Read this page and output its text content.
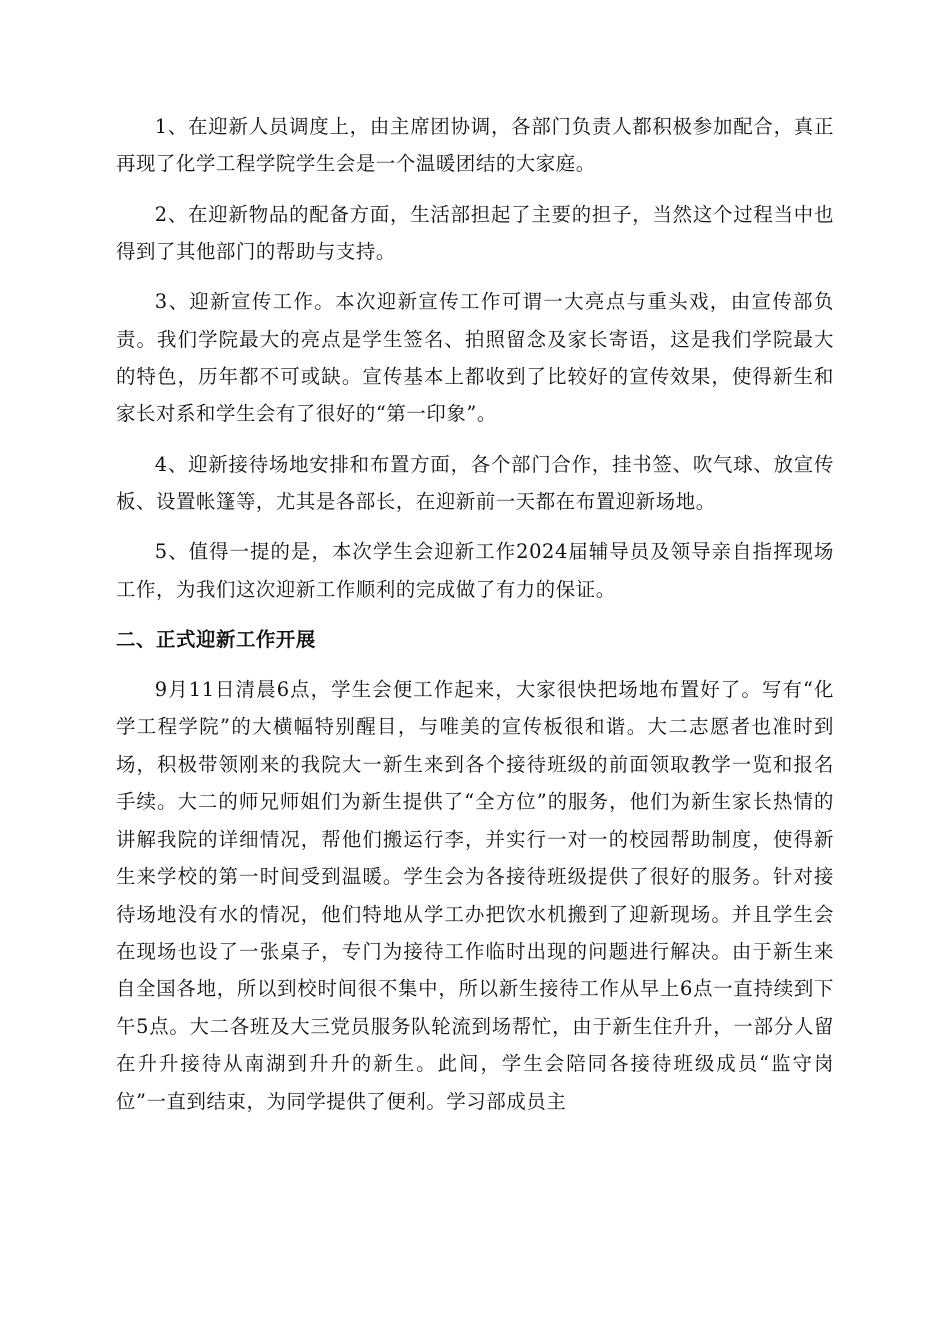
1、在迎新人员调度上，由主席团协调，各部门负责人都积极参加配合，真正再现了化学工程学院学生会是一个温暖团结的大家庭。

2、在迎新物品的配备方面，生活部担起了主要的担子，当然这个过程当中也得到了其他部门的帮助与支持。

3、迎新宣传工作。本次迎新宣传工作可谓一大亮点与重头戏，由宣传部负责。我们学院最大的亮点是学生签名、拍照留念及家长寄语，这是我们学院最大的特色，历年都不可或缺。宣传基本上都收到了比较好的宣传效果，使得新生和家长对系和学生会有了很好的“第一印象”。

4、迎新接待场地安排和布置方面，各个部门合作，挂书签、吹气球、放宣传板、设置帐篷等，尤其是各部长，在迎新前一天都在布置迎新场地。

5、值得一提的是，本次学生会迎新工作2024届辅导员及领导亲自指挥现场工作，为我们这次迎新工作顺利的完成做了有力的保证。

二、正式迎新工作开展

9月11日清晨6点，学生会便工作起来，大家很快把场地布置好了。写有“化学工程学院”的大横幅特别醒目，与唯美的宣传板很和谐。大二志愿者也准时到场，积极带领刚来的我院大一新生来到各个接待班级的前面领取教学一览和报名手续。大二的师兄师姐们为新生提供了“全方位”的服务，他们为新生家长热情的讲解我院的详细情况，帮他们搬运行李，并实行一对一的校园帮助制度，使得新生来学校的第一时间受到温暖。学生会为各接待班级提供了很好的服务。针对接待场地没有水的情况，他们特地从学工办把饮水机搬到了迎新现场。并且学生会在现场也设了一张桌子，专门为接待工作临时出现的问题进行解决。由于新生来自全国各地，所以到校时间很不集中，所以新生接待工作从早上6点一直持续到下午5点。大二各班及大三党员服务队轮流到场帮忙，由于新生住升升，一部分人留在升升接待从南湖到升升的新生。此间，学生会陪同各接待班级成员“监守岗位”一直到结束，为同学提供了便利。学习部成员主
